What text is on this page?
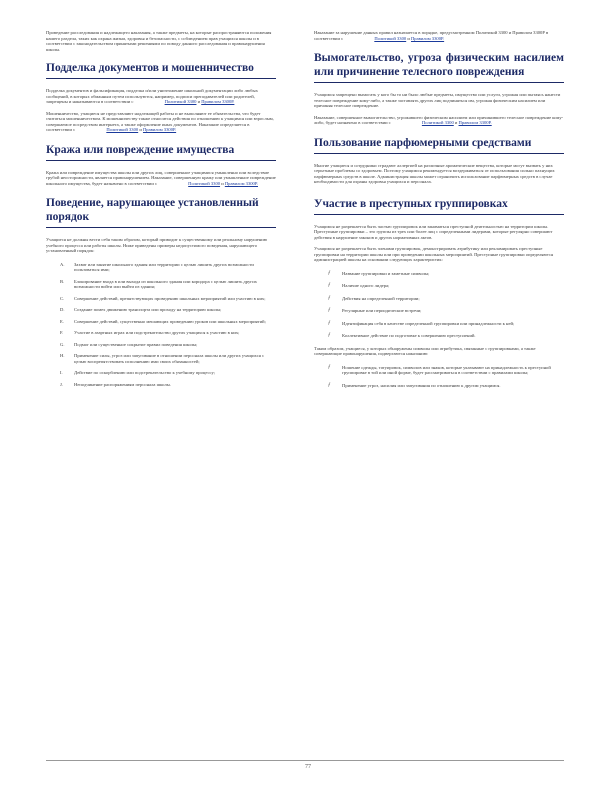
Проведение расследования и надлежащего наказания, а также предметы, на которые распространяются положения нашего раздела, таких как охрана жизни, здоровья и безопасности, с соблюдением прав учащихся школы и в соответствии с законодательством принятыми решениями по поводу данного расследования и правонарушения школы.

Подделка документов и мошенничество

Подделка документов и фальсификация, подделка и/или уничтожение школьной документации либо любых сообщений, в которых обманным путем используются, например, подписи преподавателей или родителей, запрещены и наказываются в соответствии с	Политикой 3300 и Правилом 3300Р.

Мошенничество, учащиеся не представляют надлежащей работы и не выполняют ее обязательства, что будет считаться мошенничеством. К мошенничеству также относится действия по отношению к учащимся или взрослым, совершаемое посредством интернета, а также оформление иных документов. Наказание определяется в соответствии с	Политикой 3300 и Правилом 3300Р.

Кража или повреждение имущества

Кража или повреждение имущества школы или других лиц, совершенное учащимися умышленно или вследствие грубой неосторожности, является правонарушением. Наказание, совершенную кражу или умышленное повреждение школьного имущества, будет назначено в соответствии с	Политикой 3300 и Правилом 3300Р.

Поведение, нарушающее установленный порядок

Учащиеся не должны вести себя таким образом, который приводит к существенному или реальному нарушению учебного процесса или работы школы. Ниже приведены примеры недопустимого поведения, нарушающего установленный порядок:

A. Захват или занятие школьного здания или территории с целью лишить других возможности пользоваться ими;
B. Блокирование входа в или выхода из школьного здания или коридора с целью лишить других возможности войти или выйти из здания;
C. Совершение действий, препятствующих проведению школьных мероприятий или участию в них;
D. Создание помех движению транспорта или проходу на территорию школы;
E. Совершение действий, существенно мешающих проведению уроков или школьных мероприятий;
F. Участие в азартных играх или подстрекательство других учащихся к участию в них;
G. Подмог или существенное сокрытие правил поведения школы;
H. Применение силы, угроз или запугивание в отношении персонала школы или других учащихся с целью воспрепятствовать исполнению ими своих обязанностей;
I. Действие по оскорблению или подстрекательство к учебному процессу;
J. Неподчинение распоряжениям персонала школы.

Наказание за нарушение данных правил назначается в порядке, предусмотренном Политикой 3300 и Правилом 3300Р в соответствии с	Политикой 3300 и Правилом 3300Р.

Вымогательство, угроза физическим насилием или причинение телесного повреждения

Учащимся запрещено вымогать у кого бы то ни было любые предметы, имущество или услуги, угрожая или пытаясь нанести телесное повреждение кому-либо, а также заставлять других лиц подчиняться им, угрожая физическим насилием или причиняя телесное повреждение.

Наказание, совершенное вымогательство, угрожавшего физическим насилием или причинившего телесное повреждение кому-либо, будет назначено в соответствии с	Политикой 3300 и Правилом 3300Р.

Пользование парфюмерными средствами

Многие учащиеся и сотрудники страдают аллергией на различные ароматические вещества, которые могут вызвать у них серьезные проблемы со здоровьем. Поэтому учащимся рекомендуется воздерживаться от использования сильно пахнущих парфюмерных средств в школе. Администрация школы может ограничить использование парфюмерных средств в случае необходимости для охраны здоровья учащихся и персонала.

Участие в преступных группировках

Учащимся не разрешается быть частью группировок или заниматься преступной деятельностью на территории школы. Преступные группировки – это группы из трех или более лиц с определенными лидерами, которые регулярно совершают действия в нарушение законов и других нормативных актов.

Учащимся не разрешается быть членами группировок, демонстрировать атрибутику или рекламировать преступные группировки на территории школы или при проведении школьных мероприятий. Преступные группировки определяются администрацией школы на основании следующих характеристик:

ƒ	Название группировки и заметные символы;
ƒ	Наличие одного лидера;
ƒ	Действия на определенной территории;
ƒ	Регулярные или периодические встречи;
ƒ	Идентификация себя в качестве определенной группировки или принадлежности к ней;
ƒ	Коллективное действие по подготовке к совершению преступлений.

Таким образом, учащиеся, у которых обнаружены символы или атрибутика, связанные с группировками, а также совершающие правонарушения, подвергаются наказанию:

ƒ	Ношение одежды, татуировок, символов или знаков, которые указывают на принадлежность к преступной группировке в той или иной форме, будет рассматриваться в соответствии с правилами школы;
ƒ	Применение угроз, насилия или запугивания по отношению к другим учащимся.
77
